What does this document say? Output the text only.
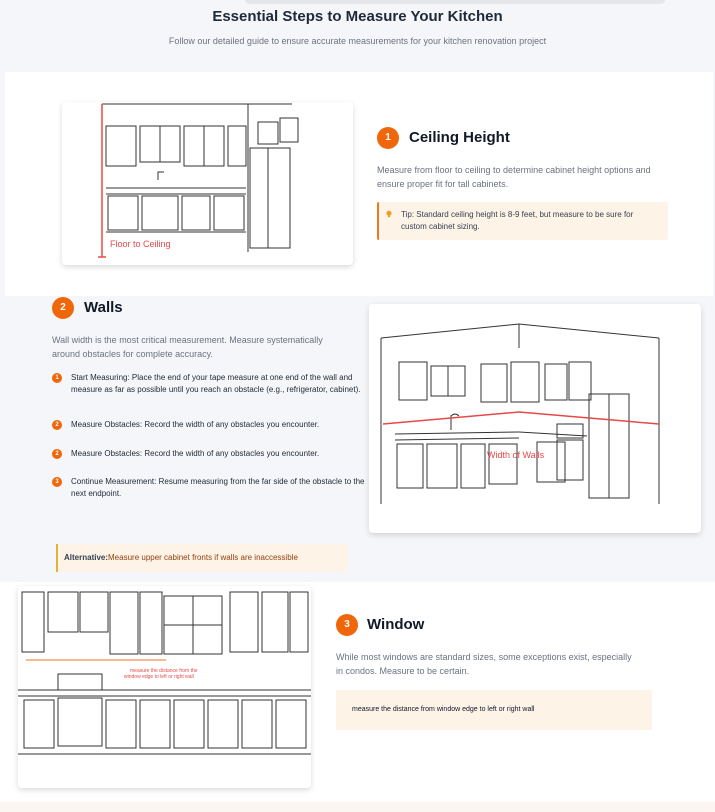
Essential Steps to Measure Your Kitchen
Follow our detailed guide to ensure accurate measurements for your kitchen renovation project
Floor to Ceiling
1	Ceiling Height
Measure from floor to ceiling to determine cabinet height options and ensure proper fit for tall cabinets.
Tip: Standard ceiling height is 8-9 feet, but measure to be sure for custom cabinet sizing.
2	Walls
Wall width is the most critical measurement. Measure systematically around obstacles for complete accuracy.
1	Start Measuring: Place the end of your tape measure at one end of the wall and measure as far as possible until you reach an obstacle (e.g., refrigerator, cabinet).
2	Measure Obstacles: Record the width of any obstacles you encounter.
2	Measure Obstacles: Record the width of any obstacles you encounter.
3	Continue Measurement: Resume measuring from the far side of the obstacle to the next endpoint.
Width of Walls
Alternative:Measure upper cabinet fronts if walls are inaccessible
measure the distance from the
window edge to left or right wall
3	Window
While most windows are standard sizes, some exceptions exist, especially in condos. Measure to be certain.
measure the distance from window edge to left or right wall
